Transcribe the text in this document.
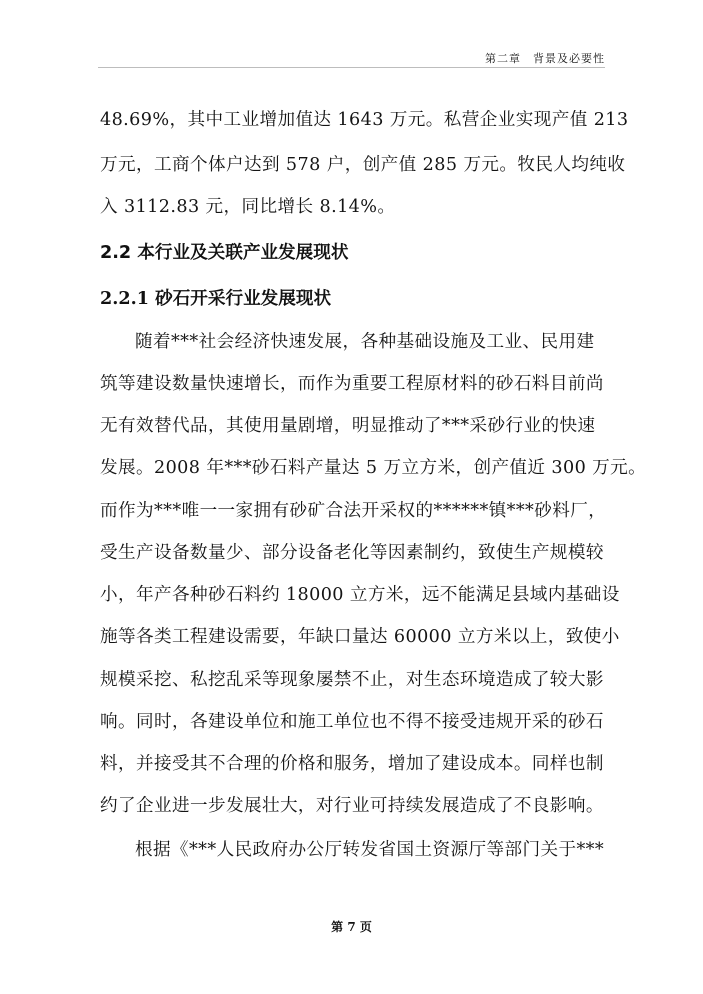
第二章　背景及必要性
48.69%，其中工业增加值达 1643 万元。私营企业实现产值 213
万元，工商个体户达到 578 户，创产值 285 万元。牧民人均纯收
入 3112.83 元，同比增长 8.14%。
2.2 本行业及关联产业发展现状
2.2.1 砂石开采行业发展现状
随着***社会经济快速发展，各种基础设施及工业、民用建
筑等建设数量快速增长，而作为重要工程原材料的砂石料目前尚
无有效替代品，其使用量剧增，明显推动了***采砂行业的快速
发展。2008 年***砂石料产量达 5 万立方米，创产值近 300 万元。
而作为***唯一一家拥有砂矿合法开采权的******镇***砂料厂，
受生产设备数量少、部分设备老化等因素制约，致使生产规模较
小，年产各种砂石料约 18000 立方米，远不能满足县域内基础设
施等各类工程建设需要，年缺口量达 60000 立方米以上，致使小
规模采挖、私挖乱采等现象屡禁不止，对生态环境造成了较大影
响。同时，各建设单位和施工单位也不得不接受违规开采的砂石
料，并接受其不合理的价格和服务，增加了建设成本。同样也制
约了企业进一步发展壮大，对行业可持续发展造成了不良影响。
根据《***人民政府办公厅转发省国土资源厅等部门关于***
第 7 页
